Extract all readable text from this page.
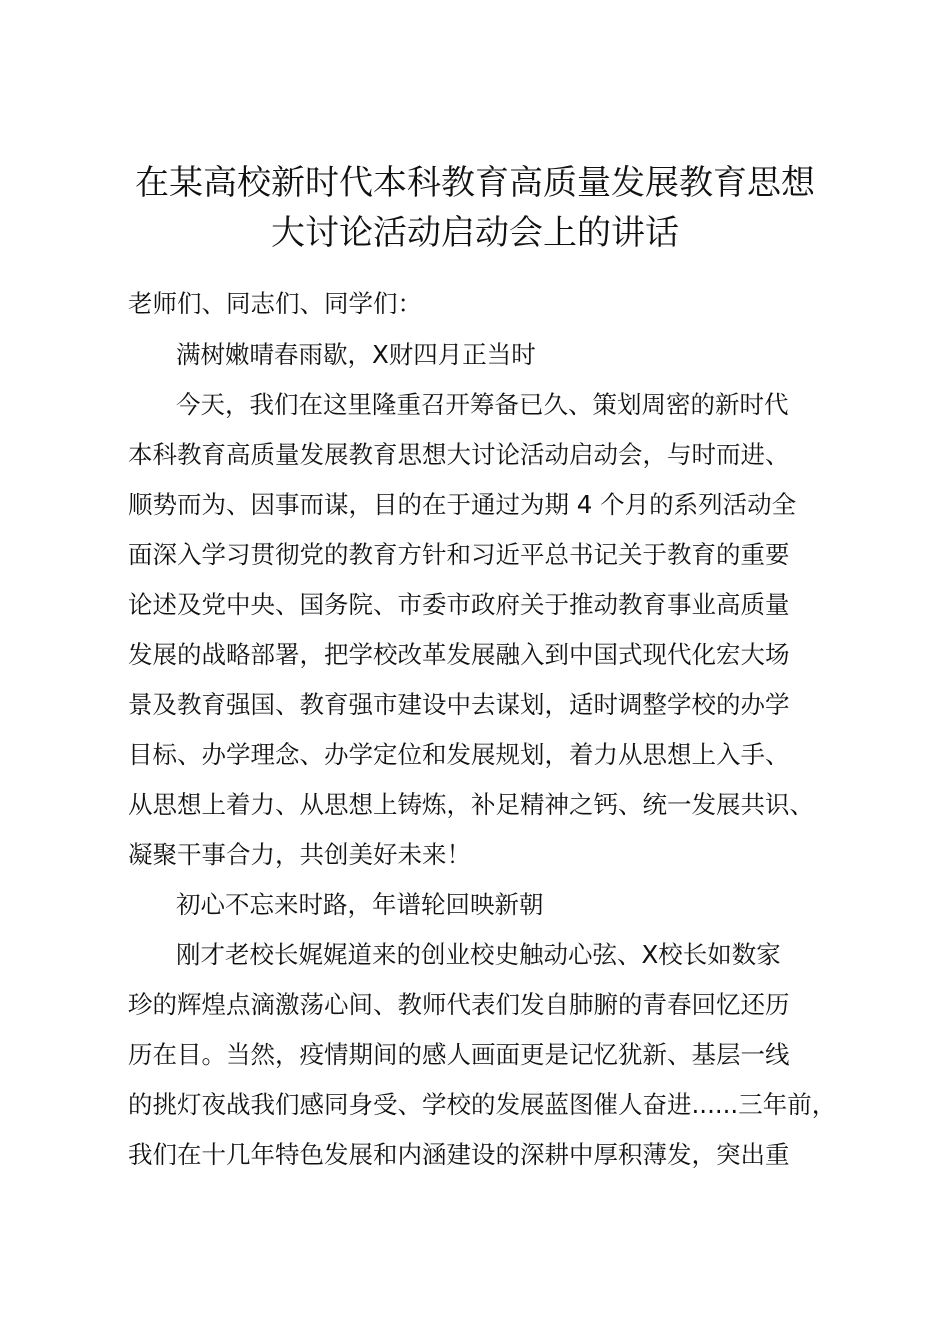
在某高校新时代本科教育高质量发展教育思想
大讨论活动启动会上的讲话

老师们、同志们、同学们：

满树嫩晴春雨歇，X财四月正当时

今天，我们在这里隆重召开筹备已久、策划周密的新时代

本科教育高质量发展教育思想大讨论活动启动会，与时而进、

顺势而为、因事而谋，目的在于通过为期 4 个月的系列活动全

面深入学习贯彻党的教育方针和习近平总书记关于教育的重要

论述及党中央、国务院、市委市政府关于推动教育事业高质量

发展的战略部署，把学校改革发展融入到中国式现代化宏大场

景及教育强国、教育强市建设中去谋划，适时调整学校的办学

目标、办学理念、办学定位和发展规划，着力从思想上入手、

从思想上着力、从思想上铸炼，补足精神之钙、统一发展共识、

凝聚干事合力，共创美好未来！

初心不忘来时路，年谱轮回映新朝

刚才老校长娓娓道来的创业校史触动心弦、X校长如数家

珍的辉煌点滴激荡心间、教师代表们发自肺腑的青春回忆还历

历在目。当然，疫情期间的感人画面更是记忆犹新、基层一线

的挑灯夜战我们感同身受、学校的发展蓝图催人奋进......三年前，

我们在十几年特色发展和内涵建设的深耕中厚积薄发，突出重
